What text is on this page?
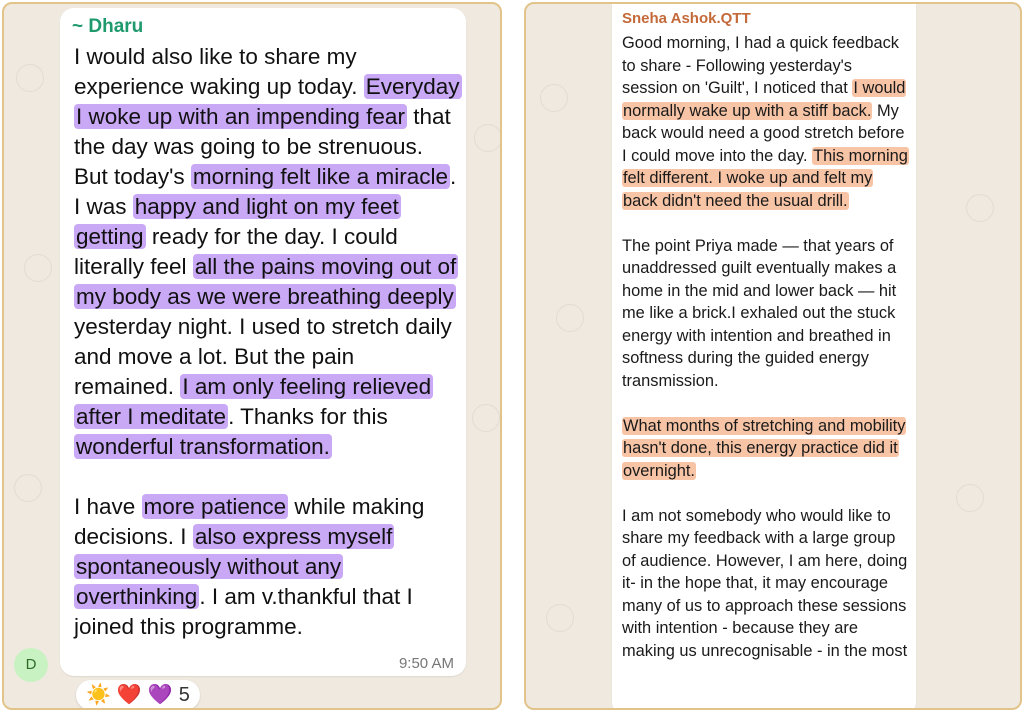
~ Dharu

I would also like to share my experience waking up today. Everyday I woke up with an impending fear that the day was going to be strenuous. But today's morning felt like a miracle. I was happy and light on my feet getting ready for the day. I could literally feel all the pains moving out of my body as we were breathing deeply yesterday night. I used to stretch daily and move a lot. But the pain remained. I am only feeling relieved after I meditate. Thanks for this wonderful transformation.

I have more patience while making decisions. I also express myself spontaneously without any overthinking. I am v.thankful that I joined this programme.

9:50 AM
D
☀️ ❤️ 💜 5
Sneha Ashok.QTT

Good morning, I had a quick feedback to share - Following yesterday's session on 'Guilt', I noticed that I would normally wake up with a stiff back. My back would need a good stretch before I could move into the day. This morning felt different. I woke up and felt my back didn't need the usual drill.

The point Priya made — that years of unaddressed guilt eventually makes a home in the mid and lower back — hit me like a brick.I exhaled out the stuck energy with intention and breathed in softness during the guided energy transmission.

What months of stretching and mobility hasn't done, this energy practice did it overnight.

I am not somebody who would like to share my feedback with a large group of audience. However, I am here, doing it- in the hope that, it may encourage many of us to approach these sessions with intention - because they are making us unrecognisable - in the most
